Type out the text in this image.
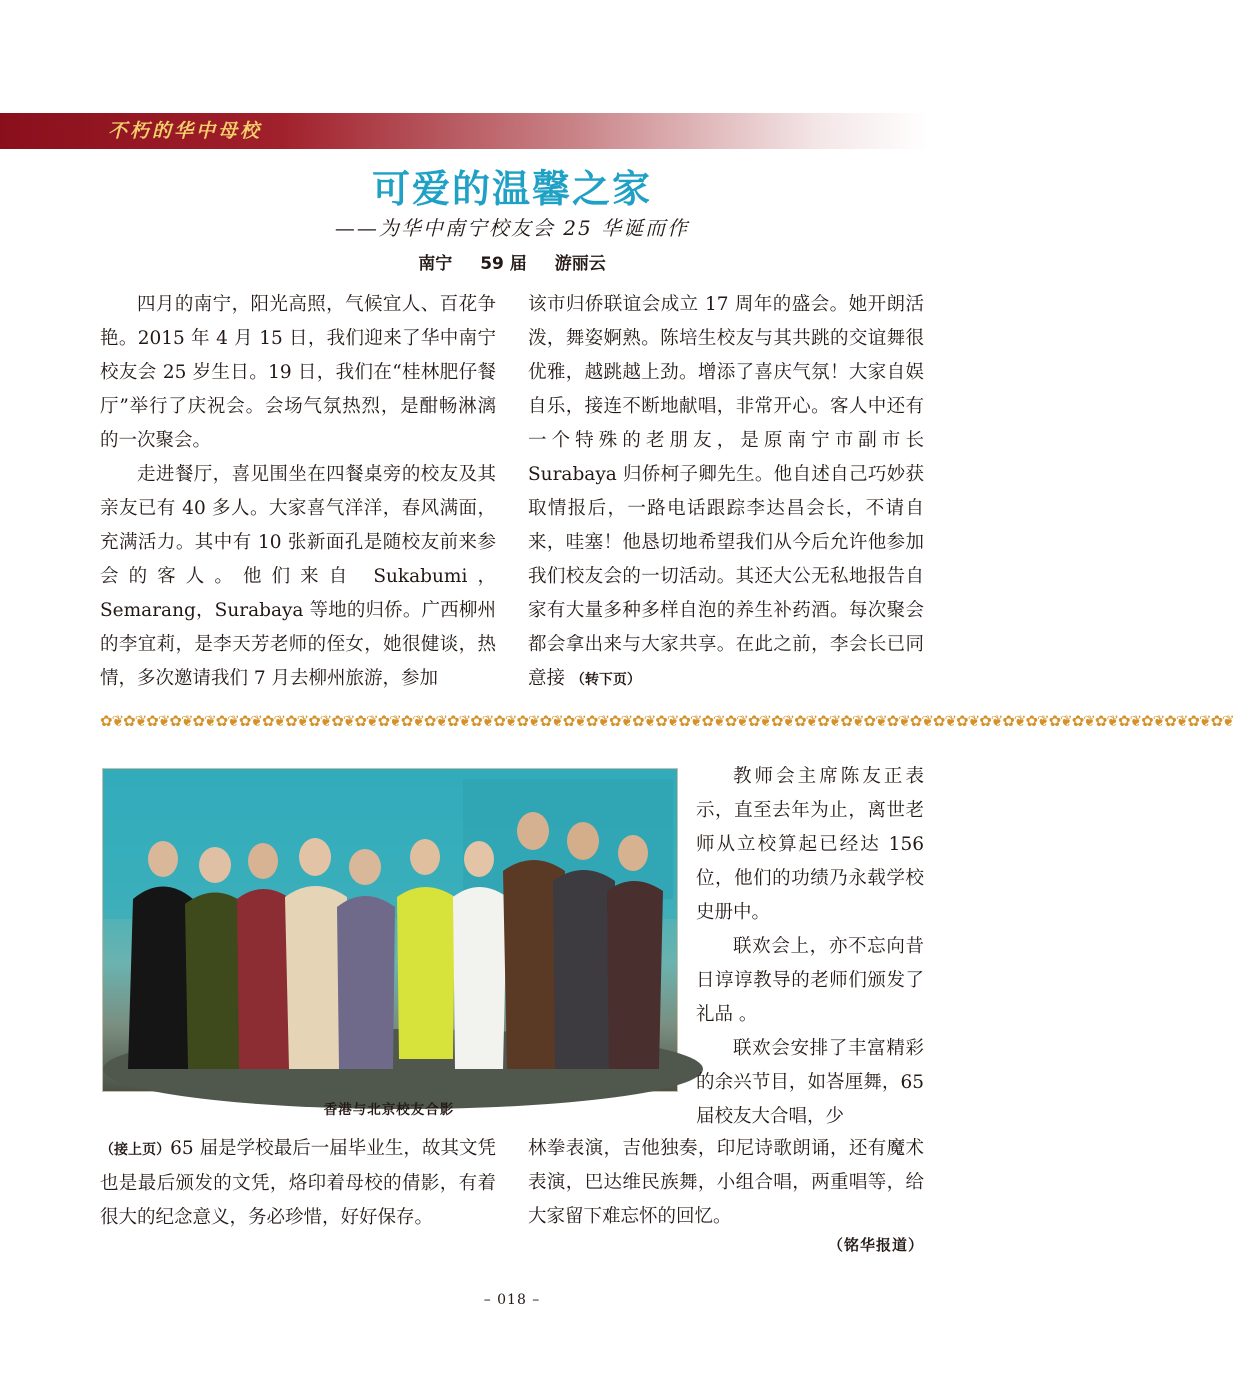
不朽的华中母校
可爱的温馨之家
——为华中南宁校友会 25 华诞而作
南宁 59 届 游丽云

四月的南宁，阳光高照，气候宜人、百花争艳。2015 年 4 月 15 日，我们迎来了华中南宁校友会 25 岁生日。19 日，我们在“桂林肥仔餐厅”举行了庆祝会。会场气氛热烈，是酣畅淋漓的一次聚会。

走进餐厅，喜见围坐在四餐桌旁的校友及其亲友已有 40 多人。大家喜气洋洋，春风满面，充满活力。其中有 10 张新面孔是随校友前来参会的客人。他们来自 Sukabumi，Semarang，Surabaya 等地的归侨。广西柳州的李宜莉，是李天芳老师的侄女，她很健谈，热情，多次邀请我们 7 月去柳州旅游，参加

该市归侨联谊会成立 17 周年的盛会。她开朗活泼，舞姿婀熟。陈培生校友与其共跳的交谊舞很优雅，越跳越上劲。增添了喜庆气氛！大家自娱自乐，接连不断地献唱，非常开心。客人中还有一个特殊的老朋友，是原南宁市副市长 Surabaya 归侨柯子卿先生。他自述自己巧妙获取情报后，一路电话跟踪李达昌会长，不请自来，哇塞！他恳切地希望我们从今后允许他参加我们校友会的一切活动。其还大公无私地报告自家有大量多种多样自泡的养生补药酒。每次聚会都会拿出来与大家共享。在此之前，李会长已同意接 （转下页）

✿❦✿❦✿❦✿❦✿❦✿❦✿❦✿❦✿❦✿❦✿❦✿❦✿❦✿❦✿❦✿❦✿❦✿❦✿❦✿❦✿❦✿❦✿❦✿❦✿❦✿❦✿❦✿❦✿❦✿❦✿❦✿❦✿❦✿❦✿❦✿❦✿❦✿❦✿❦✿❦✿❦✿❦✿❦✿❦✿❦✿❦✿❦✿❦✿❦
香港与北京校友合影

教师会主席陈友正表示，直至去年为止，离世老师从立校算起已经达 156 位，他们的功绩乃永载学校史册中。

联欢会上，亦不忘向昔日谆谆教导的老师们颁发了礼品 。

联欢会安排了丰富精彩的余兴节目，如峇厘舞，65 届校友大合唱，少

（接上页）65 届是学校最后一届毕业生，故其文凭也是最后颁发的文凭，烙印着母校的倩影，有着很大的纪念意义，务必珍惜，好好保存。

林拳表演，吉他独奏，印尼诗歌朗诵，还有魔术表演，巴达维民族舞，小组合唱，两重唱等，给大家留下难忘怀的回忆。

（铭华报道）
– 018 –
